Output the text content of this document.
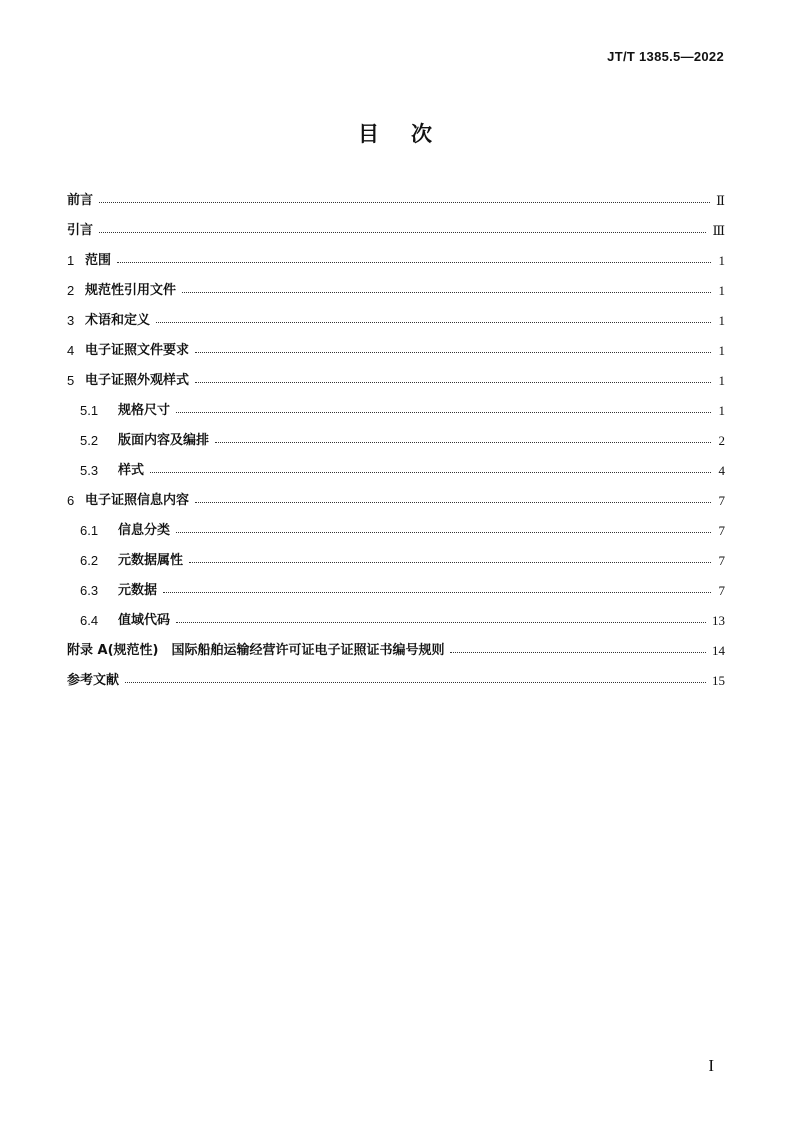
JT/T 1385.5—2022
目 次
前言	Ⅱ
引言	Ⅲ
1 范围	1
2 规范性引用文件	1
3 术语和定义	1
4 电子证照文件要求	1
5 电子证照外观样式	1
5.1	规格尺寸	1
5.2	版面内容及编排	2
5.3	样式	4
6 电子证照信息内容	7
6.1	信息分类	7
6.2	元数据属性	7
6.3	元数据	7
6.4	值域代码	13
附录 A(规范性)　国际船舶运输经营许可证电子证照证书编号规则	14
参考文献	15
I
